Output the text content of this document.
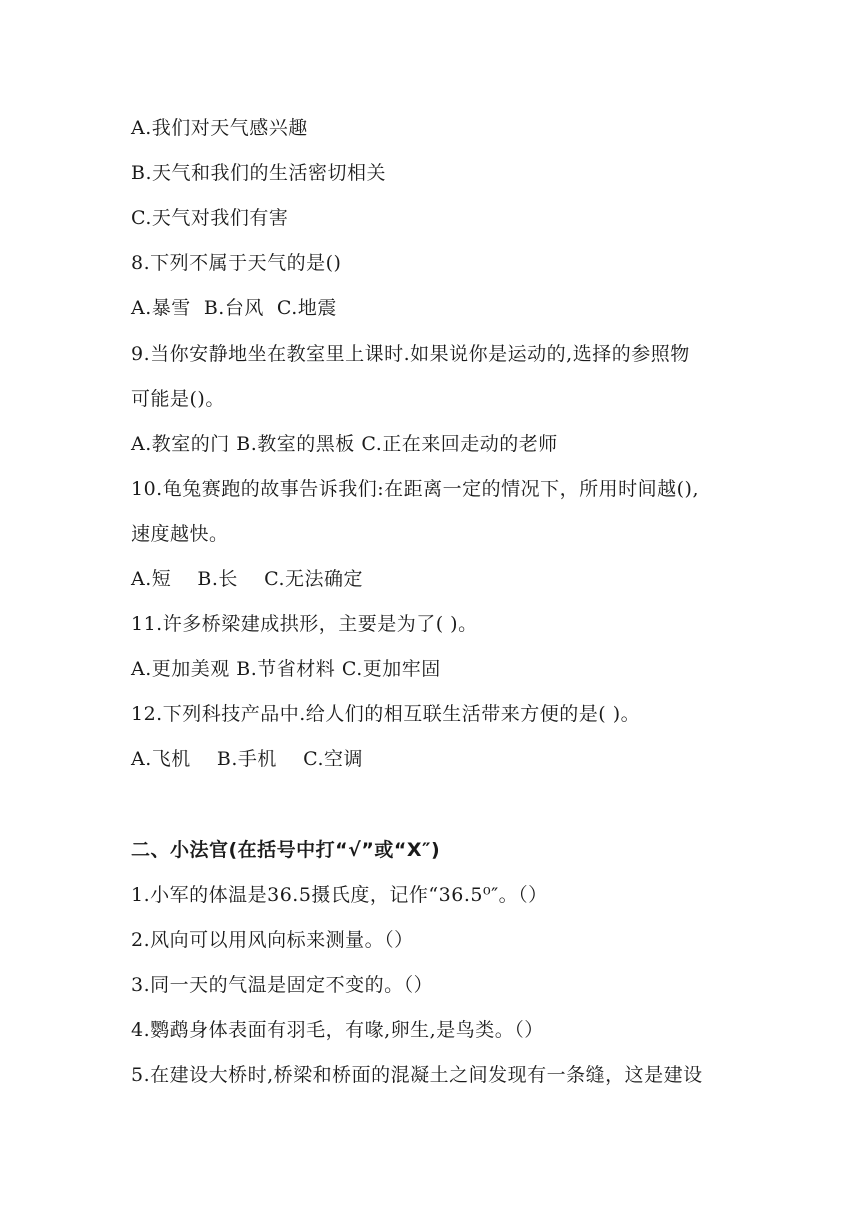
A.我们对天气感兴趣
B.天气和我们的生活密切相关
C.天气对我们有害
8.下列不属于天气的是()
A.暴雪  B.台风  C.地震
9.当你安静地坐在教室里上课时.如果说你是运动的,选择的参照物
可能是()。
A.教室的门 B.教室的黑板 C.正在来回走动的老师
10.龟兔赛跑的故事告诉我们:在距离一定的情况下，所用时间越(),
速度越快。
A.短    B.长    C.无法确定
11.许多桥梁建成拱形，主要是为了( )。
A.更加美观 B.节省材料 C.更加牢固
12.下列科技产品中.给人们的相互联生活带来方便的是( )。
A.飞机    B.手机    C.空调
二、小法官(在括号中打“√”或“X″)
1.小军的体温是36.5摄氏度，记作“36.5⁰″。（）
2.风向可以用风向标来测量。（）
3.同一天的气温是固定不变的。（）
4.鹦鹉身体表面有羽毛，有喙,卵生,是鸟类。（）
5.在建设大桥时,桥梁和桥面的混凝土之间发现有一条缝，这是建设
